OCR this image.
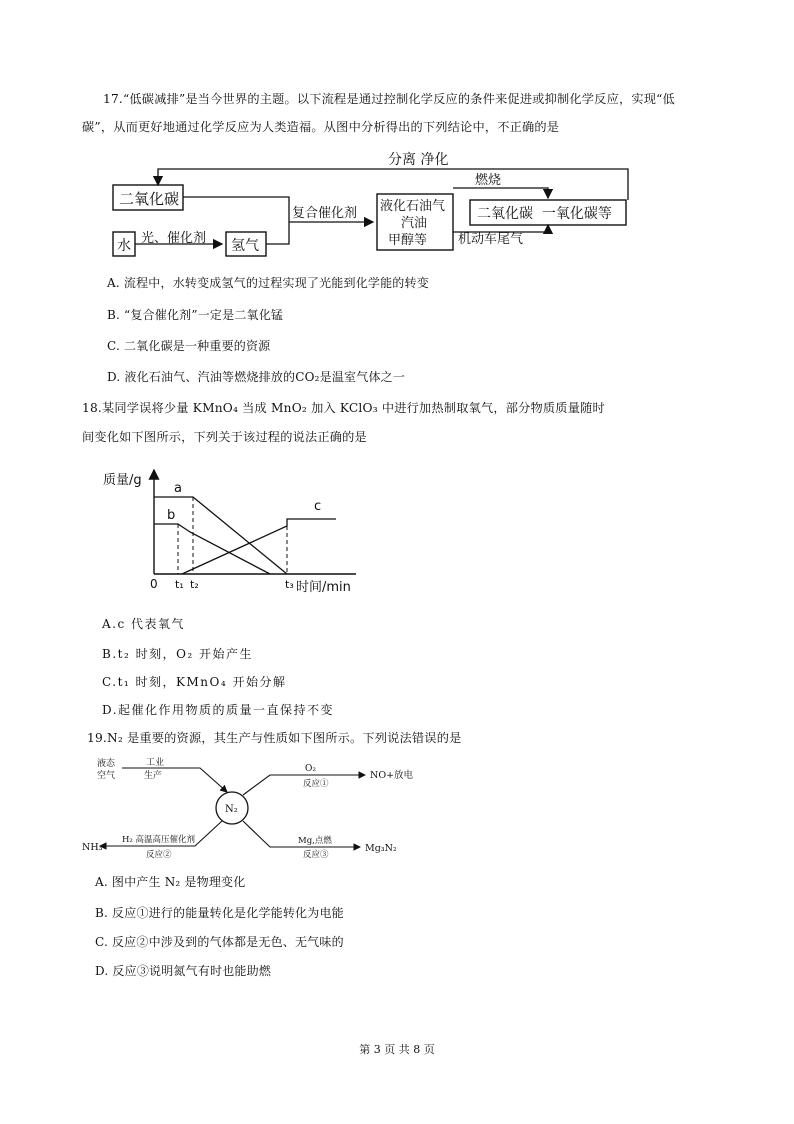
17.“低碳减排”是当今世界的主题。以下流程是通过控制化学反应的条件来促进或抑制化学反应，实现“低
碳”，从而更好地通过化学反应为人类造福。从图中分析得出的下列结论中，不正确的是
分离 净化
二氧化碳
水 光、催化剂 氢气
复合催化剂 液化石油气
汽油
甲醇等
燃烧
机动车尾气
二氧化碳  一氧化碳等
A. 流程中，水转变成氢气的过程实现了光能到化学能的转变
B. “复合催化剂”一定是二氧化锰
C. 二氧化碳是一种重要的资源
D. 液化石油气、汽油等燃烧排放的CO₂是温室气体之一
18.某同学误将少量 KMnO₄ 当成 MnO₂ 加入 KClO₃ 中进行加热制取氧气，部分物质质量随时
间变化如下图所示，下列关于该过程的说法正确的是
质量/g
时间/min
0 t₁ t₂	t₃
a
b
c
A.c 代表氧气
B.t₂ 时刻，O₂ 开始产生
C.t₁ 时刻，KMnO₄ 开始分解
D.起催化作用物质的质量一直保持不变
19.N₂ 是重要的资源，其生产与性质如下图所示。下列说法错误的是
液态
空气
工业
生产
N₂
O₂
反应①
NO+放电
H₂ 高温高压催化剂
反应②
NH₃
Mg,点燃
反应③
Mg₃N₂
A. 图中产生 N₂ 是物理变化
B. 反应①进行的能量转化是化学能转化为电能
C. 反应②中涉及到的气体都是无色、无气味的
D. 反应③说明氮气有时也能助燃
第 3 页 共 8 页
